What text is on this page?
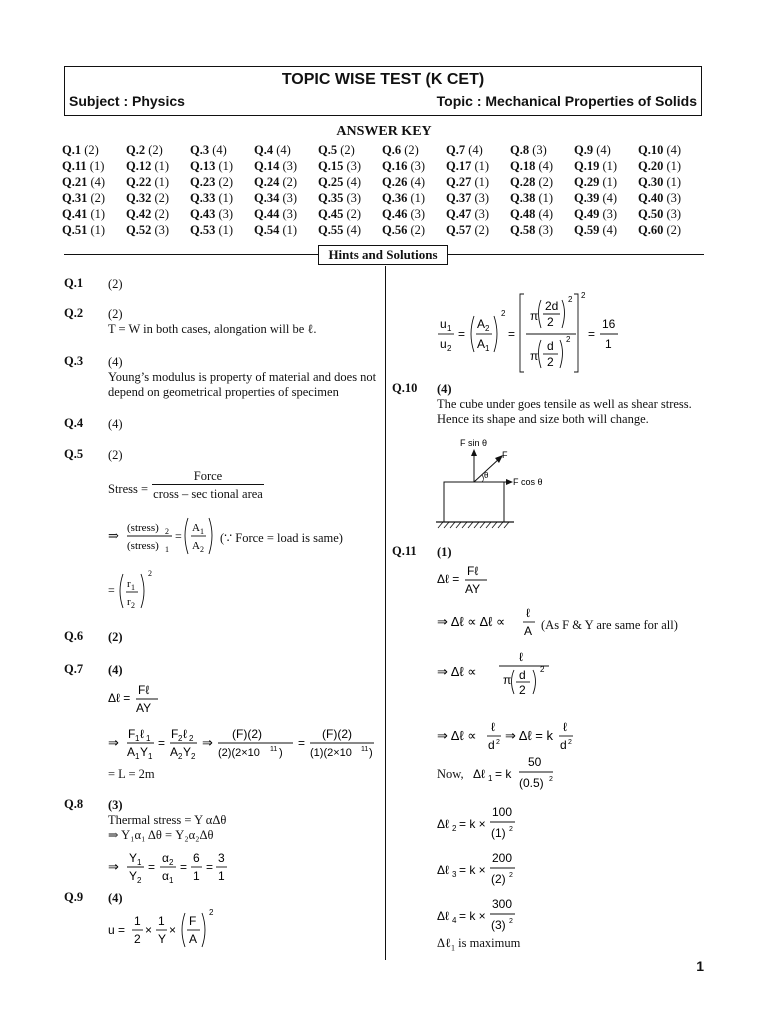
TOPIC WISE TEST (K CET)
Subject : Physics	Topic : Mechanical Properties of Solids
ANSWER KEY
Q.1 (2)	Q.2 (2)	Q.3 (4)	Q.4 (4)	Q.5 (2)	Q.6 (2)	Q.7 (4)	Q.8 (3)	Q.9 (4)	Q.10 (4)
Q.11 (1)	Q.12 (1)	Q.13 (1)	Q.14 (3)	Q.15 (3)	Q.16 (3)	Q.17 (1)	Q.18 (4)	Q.19 (1)	Q.20 (1)
Q.21 (4)	Q.22 (1)	Q.23 (2)	Q.24 (2)	Q.25 (4)	Q.26 (4)	Q.27 (1)	Q.28 (2)	Q.29 (1)	Q.30 (1)
Q.31 (2)	Q.32 (2)	Q.33 (1)	Q.34 (3)	Q.35 (3)	Q.36 (1)	Q.37 (3)	Q.38 (1)	Q.39 (4)	Q.40 (3)
Q.41 (1)	Q.42 (2)	Q.43 (3)	Q.44 (3)	Q.45 (2)	Q.46 (3)	Q.47 (3)	Q.48 (4)	Q.49 (3)	Q.50 (3)
Q.51 (1)	Q.52 (3)	Q.53 (1)	Q.54 (1)	Q.55 (4)	Q.56 (2)	Q.57 (2)	Q.58 (3)	Q.59 (4)	Q.60 (2)
Hints and Solutions
Q.1 (2)
Q.2 (2)
T = W in both cases, alongation will be ℓ.
Q.3 (4)
Young’s modulus is property of material and does not
depend on geometrical properties of specimen
Q.4 (4)
Q.5 (2)
Stress =
Force
cross – sec tional area
⇒ (stress) 2
(stress) 1
=
A 1
A 2
(∵ Force = load is same)
= r 1
r 2
2
Q.6 (2)
Q.7 (4)
Δℓ =
Fℓ
AY
⇒
F 1 ℓ 1
A 1 Y 1
=
F 2 ℓ 2
A 2 Y 2
⇒
(F)(2)
(2)(2×10 11 )
=
(F)(2)
(1)(2×10 11 )
= L = 2m
Q.8 (3)
Thermal stress = Y αΔθ
⇒ Y₁α₁ Δθ = Y₂α₂Δθ
⇒
Y 1
Y 2
=
α 2
α 1
=
6
1
=
3
1
Q.9 (4)
u =
1
2
×
1
Y
×
F
A
2
u 1
u 2
=
A 2
A 1
2
=
π
2d
2
2
π
d
2
2
2
=
16
1
Q.10 (4)
The cube under goes tensile as well as shear stress.
Hence its shape and size both will change.
F sin θ
F
θ
F cos θ
Q.11 (1)
Δℓ =
Fℓ
AY
⇒ Δℓ ∝ Δℓ ∝
ℓ
A (As F & Y are same for all)
⇒ Δℓ ∝
ℓ
π d
2
2
⇒ Δℓ ∝
ℓ
d 2 ⇒ Δℓ = k
ℓ
d 2
Now, Δℓ 1 = k
50
(0.5) 2
Δℓ 2 = k ×
100
(1) 2
Δℓ 3 = k ×
200
(2) 2
Δℓ 4 = k ×
300
(3) 2
Δℓ$_1$ is maximum
1
